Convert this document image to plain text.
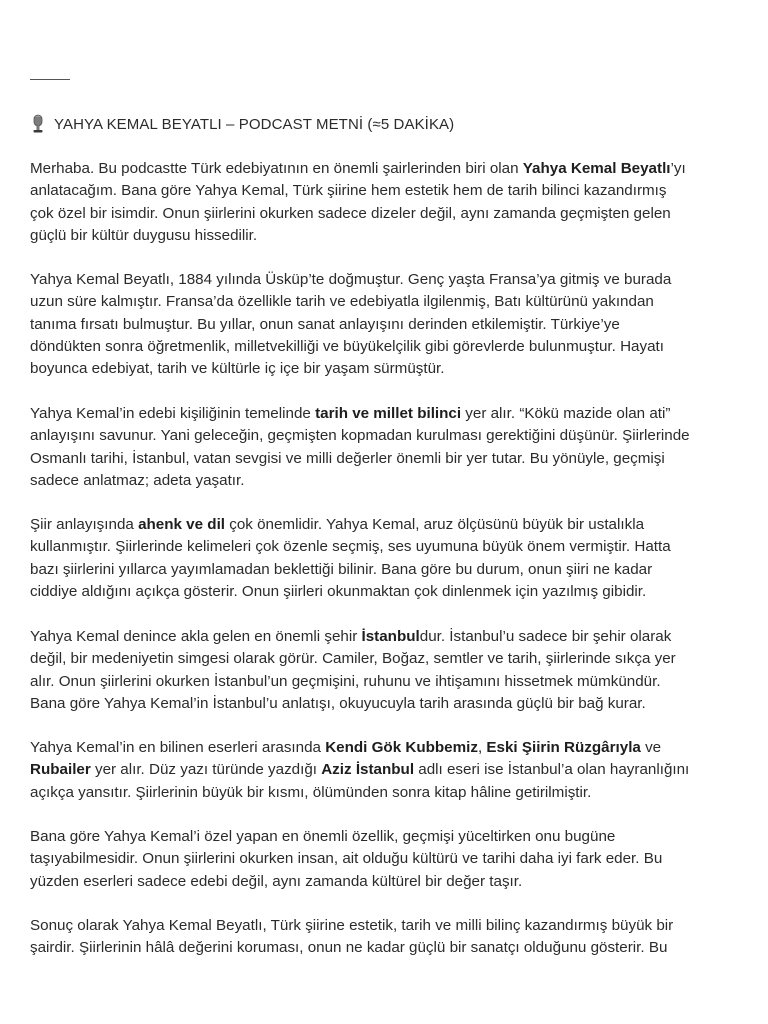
YAHYA KEMAL BEYATLI – PODCAST METNİ (≈5 DAKİKA)

Merhaba. Bu podcastte Türk edebiyatının en önemli şairlerinden biri olan Yahya Kemal Beyatlı’yı
anlatacağım. Bana göre Yahya Kemal, Türk şiirine hem estetik hem de tarih bilinci kazandırmış
çok özel bir isimdir. Onun şiirlerini okurken sadece dizeler değil, aynı zamanda geçmişten gelen
güçlü bir kültür duygusu hissedilir.

Yahya Kemal Beyatlı, 1884 yılında Üsküp’te doğmuştur. Genç yaşta Fransa’ya gitmiş ve burada
uzun süre kalmıştır. Fransa’da özellikle tarih ve edebiyatla ilgilenmiş, Batı kültürünü yakından
tanıma fırsatı bulmuştur. Bu yıllar, onun sanat anlayışını derinden etkilemiştir. Türkiye’ye
döndükten sonra öğretmenlik, milletvekilliği ve büyükelçilik gibi görevlerde bulunmuştur. Hayatı
boyunca edebiyat, tarih ve kültürle iç içe bir yaşam sürmüştür.

Yahya Kemal’in edebi kişiliğinin temelinde tarih ve millet bilinci yer alır. “Kökü mazide olan ati”
anlayışını savunur. Yani geleceğin, geçmişten kopmadan kurulması gerektiğini düşünür. Şiirlerinde
Osmanlı tarihi, İstanbul, vatan sevgisi ve milli değerler önemli bir yer tutar. Bu yönüyle, geçmişi
sadece anlatmaz; adeta yaşatır.

Şiir anlayışında ahenk ve dil çok önemlidir. Yahya Kemal, aruz ölçüsünü büyük bir ustalıkla
kullanmıştır. Şiirlerinde kelimeleri çok özenle seçmiş, ses uyumuna büyük önem vermiştir. Hatta
bazı şiirlerini yıllarca yayımlamadan beklettiği bilinir. Bana göre bu durum, onun şiiri ne kadar
ciddiye aldığını açıkça gösterir. Onun şiirleri okunmaktan çok dinlenmek için yazılmış gibidir.

Yahya Kemal denince akla gelen en önemli şehir İstanbuldur. İstanbul’u sadece bir şehir olarak
değil, bir medeniyetin simgesi olarak görür. Camiler, Boğaz, semtler ve tarih, şiirlerinde sıkça yer
alır. Onun şiirlerini okurken İstanbul’un geçmişini, ruhunu ve ihtişamını hissetmek mümkündür.
Bana göre Yahya Kemal’in İstanbul’u anlatışı, okuyucuyla tarih arasında güçlü bir bağ kurar.

Yahya Kemal’in en bilinen eserleri arasında Kendi Gök Kubbemiz, Eski Şiirin Rüzgârıyla ve
Rubailer yer alır. Düz yazı türünde yazdığı Aziz İstanbul adlı eseri ise İstanbul’a olan hayranlığını
açıkça yansıtır. Şiirlerinin büyük bir kısmı, ölümünden sonra kitap hâline getirilmiştir.

Bana göre Yahya Kemal’i özel yapan en önemli özellik, geçmişi yüceltirken onu bugüne
taşıyabilmesidir. Onun şiirlerini okurken insan, ait olduğu kültürü ve tarihi daha iyi fark eder. Bu
yüzden eserleri sadece edebi değil, aynı zamanda kültürel bir değer taşır.

Sonuç olarak Yahya Kemal Beyatlı, Türk şiirine estetik, tarih ve milli bilinç kazandırmış büyük bir
şairdir. Şiirlerinin hâlâ değerini koruması, onun ne kadar güçlü bir sanatçı olduğunu gösterir. Bu
